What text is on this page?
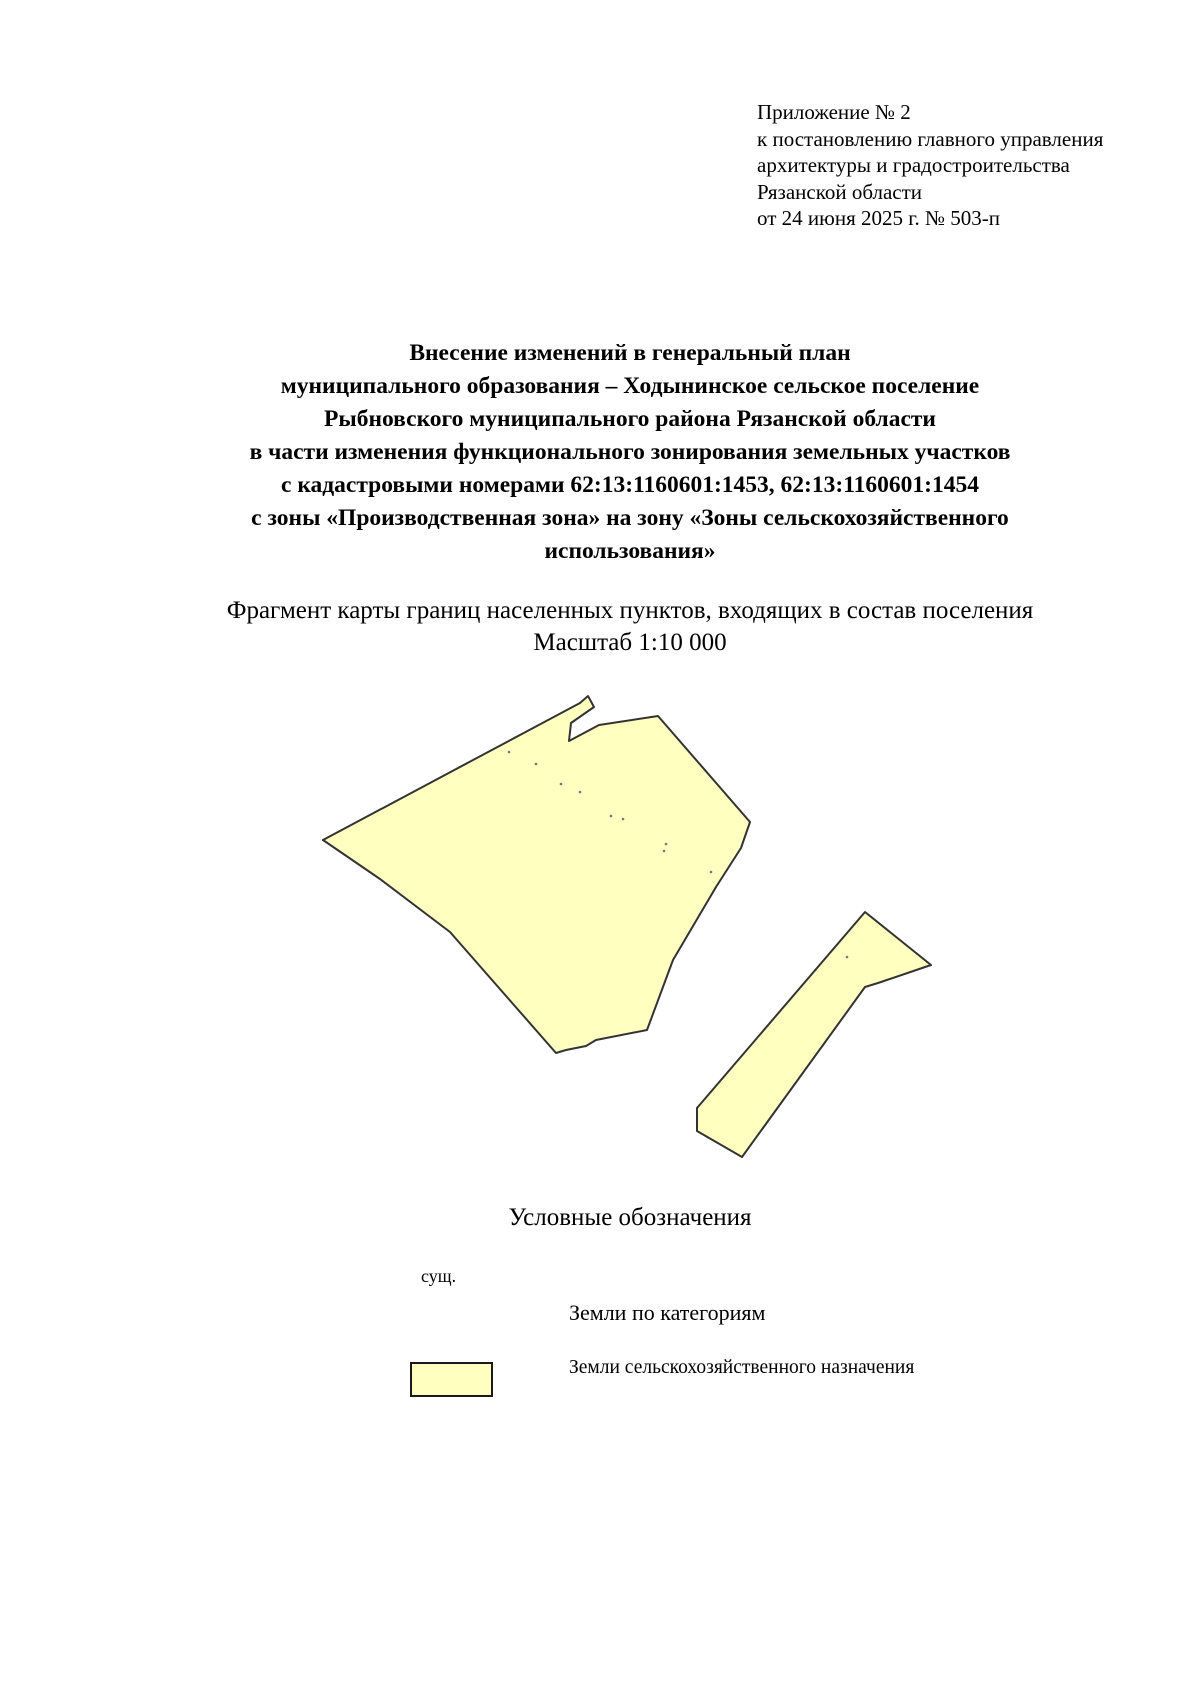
Приложение № 2
к постановлению главного управления
архитектуры и градостроительства
Рязанской области
от 24 июня 2025 г. № 503-п
Внесение изменений в генеральный план
муниципального образования – Ходынинское сельское поселение
Рыбновского муниципального района Рязанской области
в части изменения функционального зонирования земельных участков
с кадастровыми номерами 62:13:1160601:1453, 62:13:1160601:1454
с зоны «Производственная зона» на зону «Зоны сельскохозяйственного
использования»
Фрагмент карты границ населенных пунктов, входящих в состав поселения
Масштаб 1:10 000
Условные обозначения
сущ.
Земли по категориям
Земли сельскохозяйственного назначения
